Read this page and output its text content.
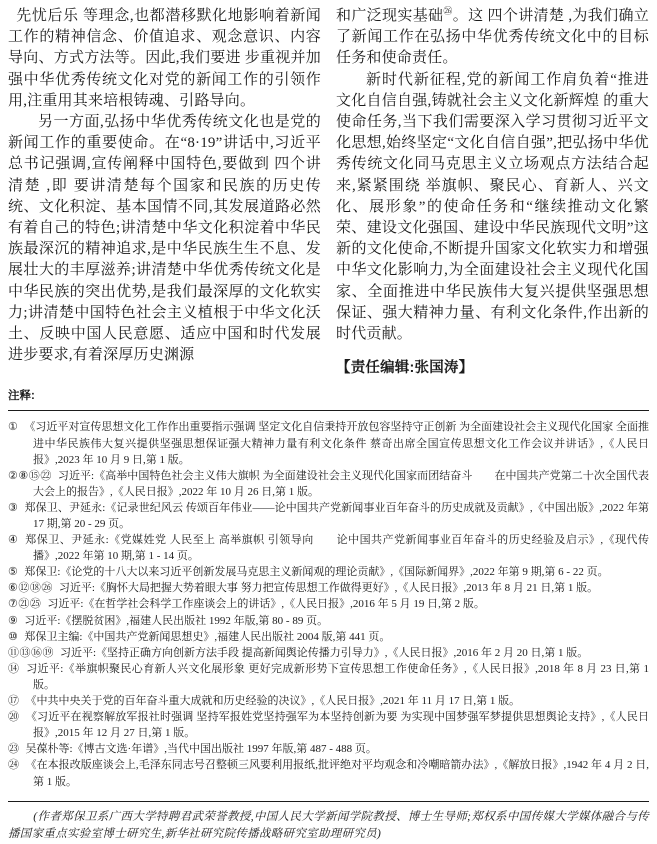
先忧后乐 等理念,也都潜移默化地影响着新闻工作的精神信念、价值追求、观念意识、内容导向、方式方法等。因此,我们要进 步重视并加强中华优秀传统文化对党的新闻工作的引领作用,注重用其来培根铸魂、引路导向。

另一方面,弘扬中华优秀传统文化也是党的新闻工作的重要使命。在“8·19”讲话中,习近平总书记强调,宣传阐释中国特色,要做到 四个讲清楚 ,即 要讲清楚每个国家和民族的历史传统、文化积淀、基本国情不同,其发展道路必然有着自己的特色;讲清楚中华文化积淀着中华民族最深沉的精神追求,是中华民族生生不息、发展壮大的丰厚滋养;讲清楚中华优秀传统文化是中华民族的突出优势,是我们最深厚的文化软实力;讲清楚中国特色社会主义植根于中华文化沃土、反映中国人民意愿、适应中国和时代发展进步要求,有着深厚历史渊源

和广泛现实基础$^㉖$。这 四个讲清楚 ,为我们确立了新闻工作在弘扬中华优秀传统文化中的目标任务和使命责任。

新时代新征程,党的新闻工作肩负着“推进文化自信自强,铸就社会主义文化新辉煌 的重大使命任务,当下我们需要深入学习贯彻习近平文化思想,始终坚定“文化自信自强”,把弘扬中华优秀传统文化同马克思主义立场观点方法结合起来,紧紧围绕 举旗帜、聚民心、育新人、兴文化、展形象”的使命任务和“继续推动文化繁荣、建设文化强国、建设中华民族现代文明”这 新的文化使命,不断提升国家文化软实力和增强中华文化影响力,为全面建设社会主义现代化国家、全面推进中华民族伟大复兴提供坚强思想保证、强大精神力量、有利文化条件,作出新的时代贡献。

【责任编辑:张国涛】

注释:
① 《习近平对宣传思想文化工作作出重要指示强调 坚定文化自信秉持开放包容坚持守正创新 为全面建设社会主义现代化国家 全面推进中华民族伟大复兴提供坚强思想保证强大精神力量有利文化条件 蔡奇出席全国宣传思想文化工作会议并讲话》,《人民日报》,2023 年 10 月 9 日,第 1 版。
②⑧⑮㉒ 习近平:《高举中国特色社会主义伟大旗帜 为全面建设社会主义现代化国家而团结奋斗　　在中国共产党第二十次全国代表大会上的报告》,《人民日报》,2022 年 10 月 26 日,第 1 版。
③ 郑保卫、尹延永:《记录世纪风云 传颂百年伟业——论中国共产党新闻事业百年奋斗的历史成就及贡献》,《中国出版》,2022 年第 17 期,第 20 - 29 页。
④ 郑保卫、尹延永:《党媒姓党 人民至上 高举旗帜 引领导向　　论中国共产党新闻事业百年奋斗的历史经验及启示》,《现代传播》,2022 年第 10 期,第 1 - 14 页。
⑤ 郑保卫:《论党的十八大以来习近平创新发展马克思主义新闻观的理论贡献》,《国际新闻界》,2022 年第 9 期,第 6 - 22 页。
⑥⑫⑱㉖ 习近平:《胸怀大局把握大势着眼大事 努力把宣传思想工作做得更好》,《人民日报》,2013 年 8 月 21 日,第 1 版。
⑦㉑㉕ 习近平:《在哲学社会科学工作座谈会上的讲话》,《人民日报》,2016 年 5 月 19 日,第 2 版。
⑨ 习近平:《摆脱贫困》,福建人民出版社 1992 年版,第 80 - 89 页。
⑩ 郑保卫主编:《中国共产党新闻思想史》,福建人民出版社 2004 版,第 441 页。
⑪⑬⑯⑲ 习近平:《坚持正确方向创新方法手段 提高新闻舆论传播力引导力》,《人民日报》,2016 年 2 月 20 日,第 1 版。
⑭ 习近平:《举旗帜聚民心育新人兴文化展形象 更好完成新形势下宣传思想工作使命任务》,《人民日报》,2018 年 8 月 23 日,第 1 版。
⑰ 《中共中央关于党的百年奋斗重大成就和历史经验的决议》,《人民日报》,2021 年 11 月 17 日,第 1 版。
⑳ 《习近平在视察解放军报社时强调 坚持军报姓党坚持强军为本坚持创新为要 为实现中国梦强军梦提供思想舆论支持》,《人民日报》,2015 年 12 月 27 日,第 1 版。
㉓ 吴葆朴等:《博古文选·年谱》,当代中国出版社 1997 年版,第 487 - 488 页。
㉔ 《在本报改版座谈会上,毛泽东同志号召整顿三风要利用报纸,批评绝对平均观念和冷嘲暗箭办法》,《解放日报》,1942 年 4 月 2 日,第 1 版。

(作者郑保卫系广西大学特聘君武荣誉教授,中国人民大学新闻学院教授、博士生导师;郑权系中国传媒大学媒体融合与传播国家重点实验室博士研究生,新华社研究院传播战略研究室助理研究员)
